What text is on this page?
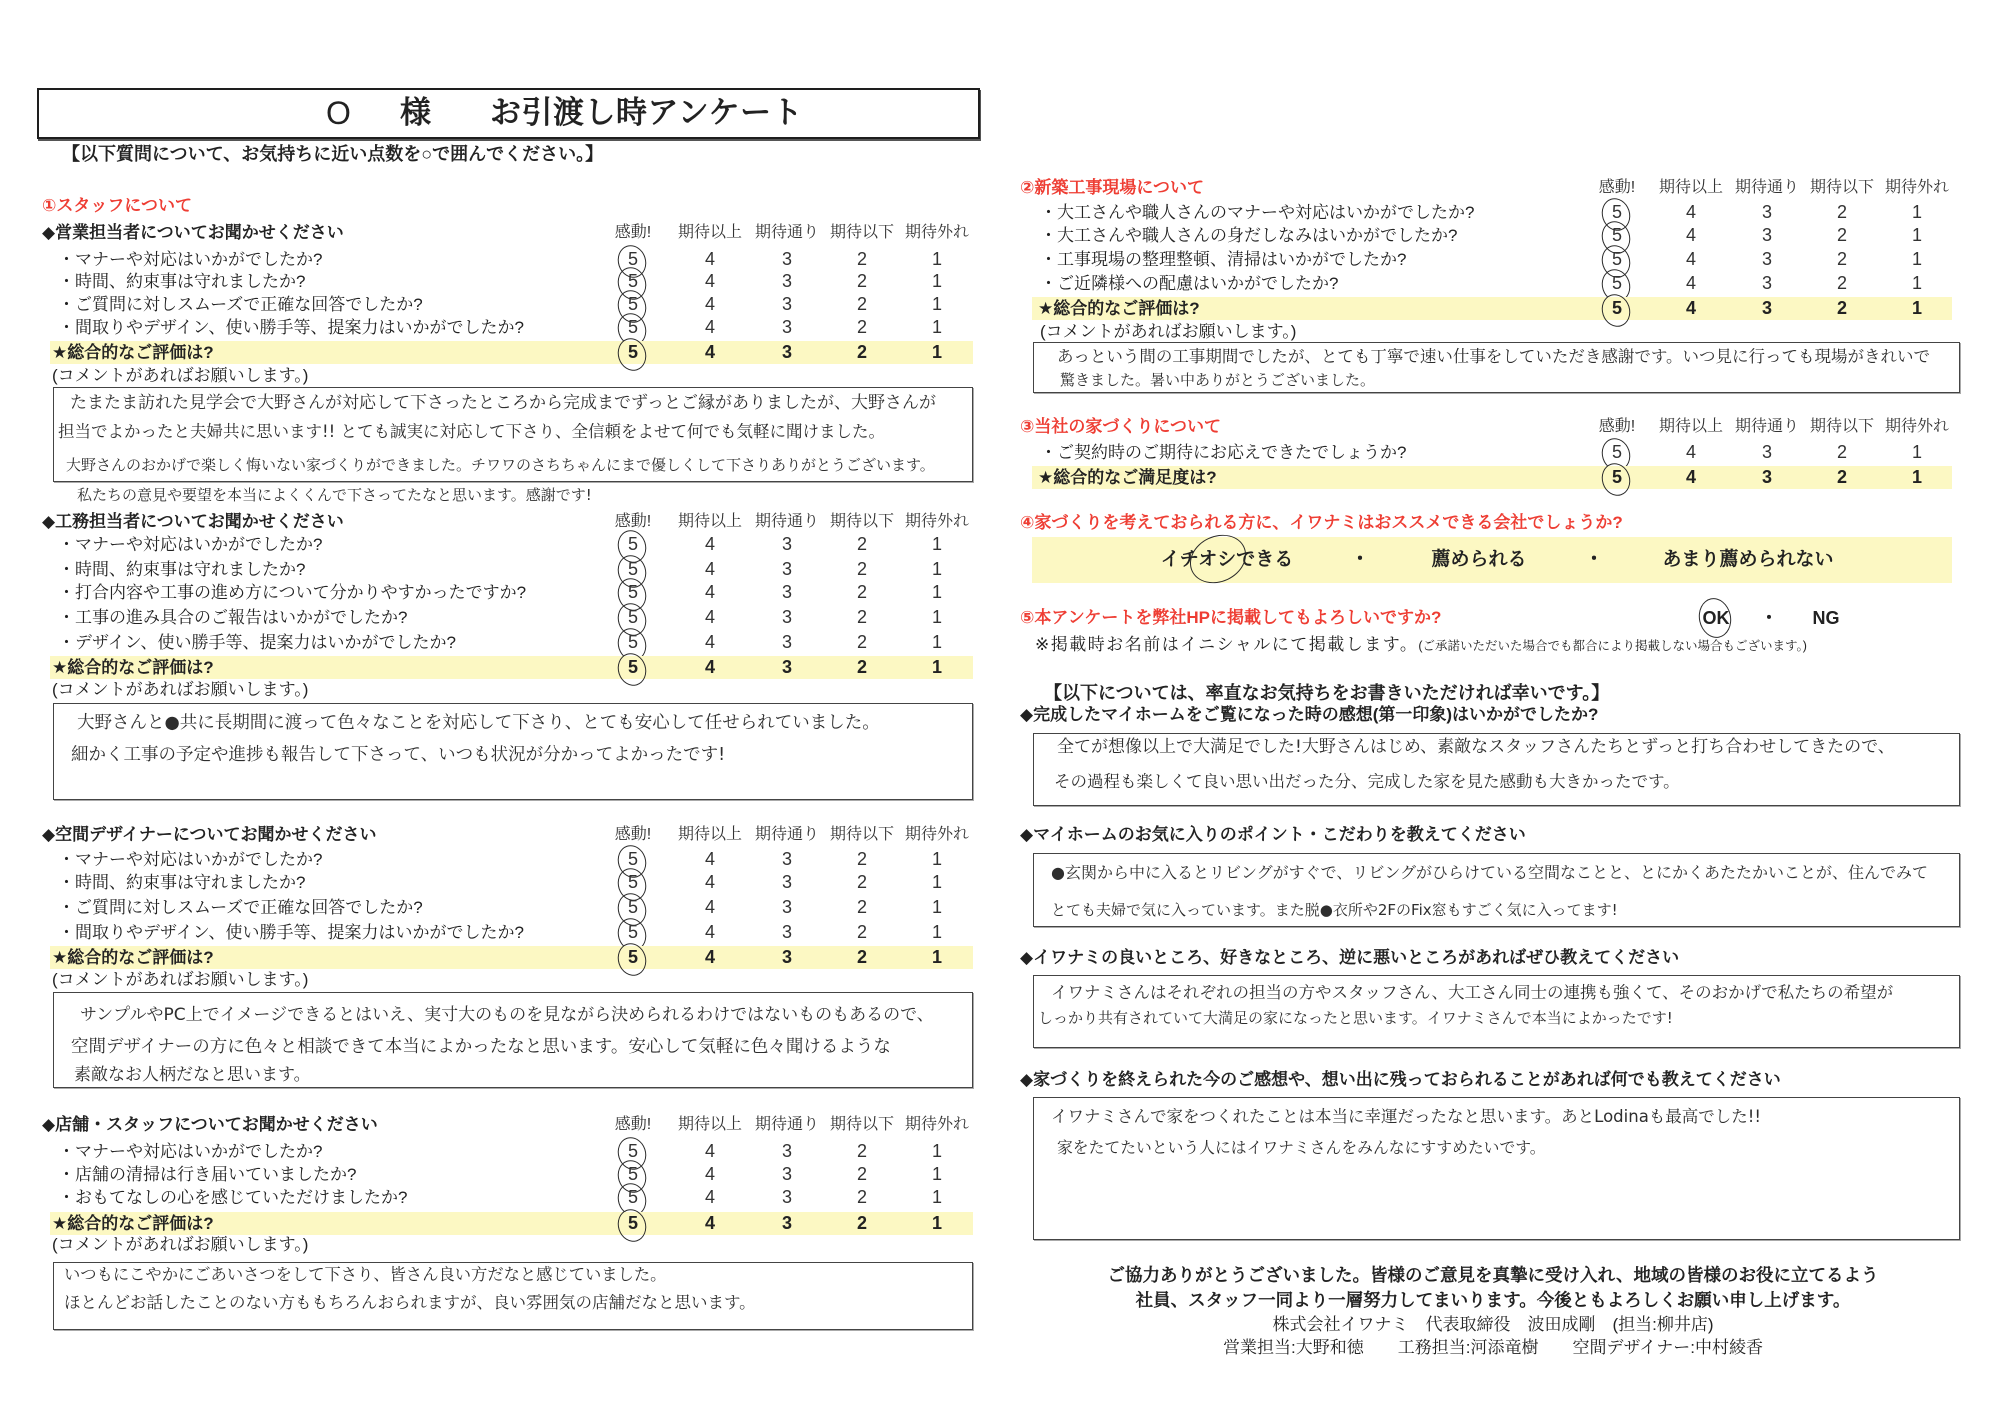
O 様 お引渡し時アンケート
【以下質問について、お気持ちに近い点数を○で囲んでください。】
①スタッフについて
◆営業担当者についてお聞かせください	感動!	期待以上 期待通り 期待以下 期待外れ
・マナーや対応はいかがでしたか?	5	4	3	2	1
・時間、約束事は守れましたか?	5	4	3	2	1
・ご質問に対しスムーズで正確な回答でしたか?	5	4	3	2	1
・間取りやデザイン、使い勝手等、提案力はいかがでしたか?	5	4	3	2	1
★総合的なご評価は?	5	4	3	2	1
(コメントがあればお願いします。)
たまたま訪れた見学会で大野さんが対応して下さったところから完成までずっとご縁がありましたが、大野さんが
担当でよかったと夫婦共に思います!! とても誠実に対応して下さり、全信頼をよせて何でも気軽に聞けました。
大野さんのおかげで楽しく悔いない家づくりができました。チワワのさちちゃんにまで優しくして下さりありがとうございます。
私たちの意見や要望を本当によくくんで下さってたなと思います。感謝です!
◆工務担当者についてお聞かせください	感動!	期待以上 期待通り 期待以下 期待外れ
・マナーや対応はいかがでしたか?	5	4	3	2	1
・時間、約束事は守れましたか?	5	4	3	2	1
・打合内容や工事の進め方について分かりやすかったですか?	5	4	3	2	1
・工事の進み具合のご報告はいかがでしたか?	5	4	3	2	1
・デザイン、使い勝手等、提案力はいかがでしたか?	5	4	3	2	1
★総合的なご評価は?	5	4	3	2	1
(コメントがあればお願いします。)
大野さんと●共に長期間に渡って色々なことを対応して下さり、とても安心して任せられていました。
細かく工事の予定や進捗も報告して下さって、いつも状況が分かってよかったです!
◆空間デザイナーについてお聞かせください	感動!	期待以上 期待通り 期待以下 期待外れ
・マナーや対応はいかがでしたか?	5	4	3	2	1
・時間、約束事は守れましたか?	5	4	3	2	1
・ご質問に対しスムーズで正確な回答でしたか?	5	4	3	2	1
・間取りやデザイン、使い勝手等、提案力はいかがでしたか?	5	4	3	2	1
★総合的なご評価は?	5	4	3	2	1
(コメントがあればお願いします。)
サンプルやPC上でイメージできるとはいえ、実寸大のものを見ながら決められるわけではないものもあるので、
空間デザイナーの方に色々と相談できて本当によかったなと思います。安心して気軽に色々聞けるような
素敵なお人柄だなと思います。
◆店舗・スタッフについてお聞かせください	感動!	期待以上 期待通り 期待以下 期待外れ
・マナーや対応はいかがでしたか?	5	4	3	2	1
・店舗の清掃は行き届いていましたか?	5	4	3	2	1
・おもてなしの心を感じていただけましたか?	5	4	3	2	1
★総合的なご評価は?	5	4	3	2	1
(コメントがあればお願いします。)
いつもにこやかにごあいさつをして下さり、皆さん良い方だなと感じていました。
ほとんどお話したことのない方ももちろんおられますが、良い雰囲気の店舗だなと思います。
②新築工事現場について	感動!	期待以上 期待通り 期待以下 期待外れ
・大工さんや職人さんのマナーや対応はいかがでしたか?	5	4	3	2	1
・大工さんや職人さんの身だしなみはいかがでしたか?	5	4	3	2	1
・工事現場の整理整頓、清掃はいかがでしたか?	5	4	3	2	1
・ご近隣様への配慮はいかがでしたか?	5	4	3	2	1
★総合的なご評価は?	5	4	3	2	1
(コメントがあればお願いします。)
あっという間の工事期間でしたが、とても丁寧で速い仕事をしていただき感謝です。いつ見に行っても現場がきれいで
驚きました。暑い中ありがとうございました。
③当社の家づくりについて	感動!	期待以上 期待通り 期待以下 期待外れ
・ご契約時のご期待にお応えできたでしょうか?	5	4	3	2	1
★総合的なご満足度は?	5	4	3	2	1
④家づくりを考えておられる方に、イワナミはおススメできる会社でしょうか?
イチオシできる	・	薦められる	・	あまり薦められない
⑤本アンケートを弊社HPに掲載してもよろしいですか?	OK	・	NG
※掲載時お名前はイニシャルにて掲載します。(ご承諾いただいた場合でも都合により掲載しない場合もございます。)
【以下については、率直なお気持ちをお書きいただければ幸いです。】
◆完成したマイホームをご覧になった時の感想(第一印象)はいかがでしたか?
全てが想像以上で大満足でした!大野さんはじめ、素敵なスタッフさんたちとずっと打ち合わせしてきたので、
その過程も楽しくて良い思い出だった分、完成した家を見た感動も大きかったです。
◆マイホームのお気に入りのポイント・こだわりを教えてください
●玄関から中に入るとリビングがすぐで、リビングがひらけている空間なことと、とにかくあたたかいことが、住んでみて
とても夫婦で気に入っています。また脱●衣所や2FのFix窓もすごく気に入ってます!
◆イワナミの良いところ、好きなところ、逆に悪いところがあればぜひ教えてください
イワナミさんはそれぞれの担当の方やスタッフさん、大工さん同士の連携も強くて、そのおかげで私たちの希望が
しっかり共有されていて大満足の家になったと思います。イワナミさんで本当によかったです!
◆家づくりを終えられた今のご感想や、想い出に残っておられることがあれば何でも教えてください
イワナミさんで家をつくれたことは本当に幸運だったなと思います。あとLodinaも最高でした!!
家をたてたいという人にはイワナミさんをみんなにすすめたいです。
ご協力ありがとうございました。皆様のご意見を真摯に受け入れ、地域の皆様のお役に立てるよう
社員、スタッフ一同より一層努力してまいります。今後ともよろしくお願い申し上げます。
株式会社イワナミ　代表取締役　波田成剛　(担当:柳井店)
営業担当:大野和徳　　工務担当:河添竜樹　　空間デザイナー:中村綾香
